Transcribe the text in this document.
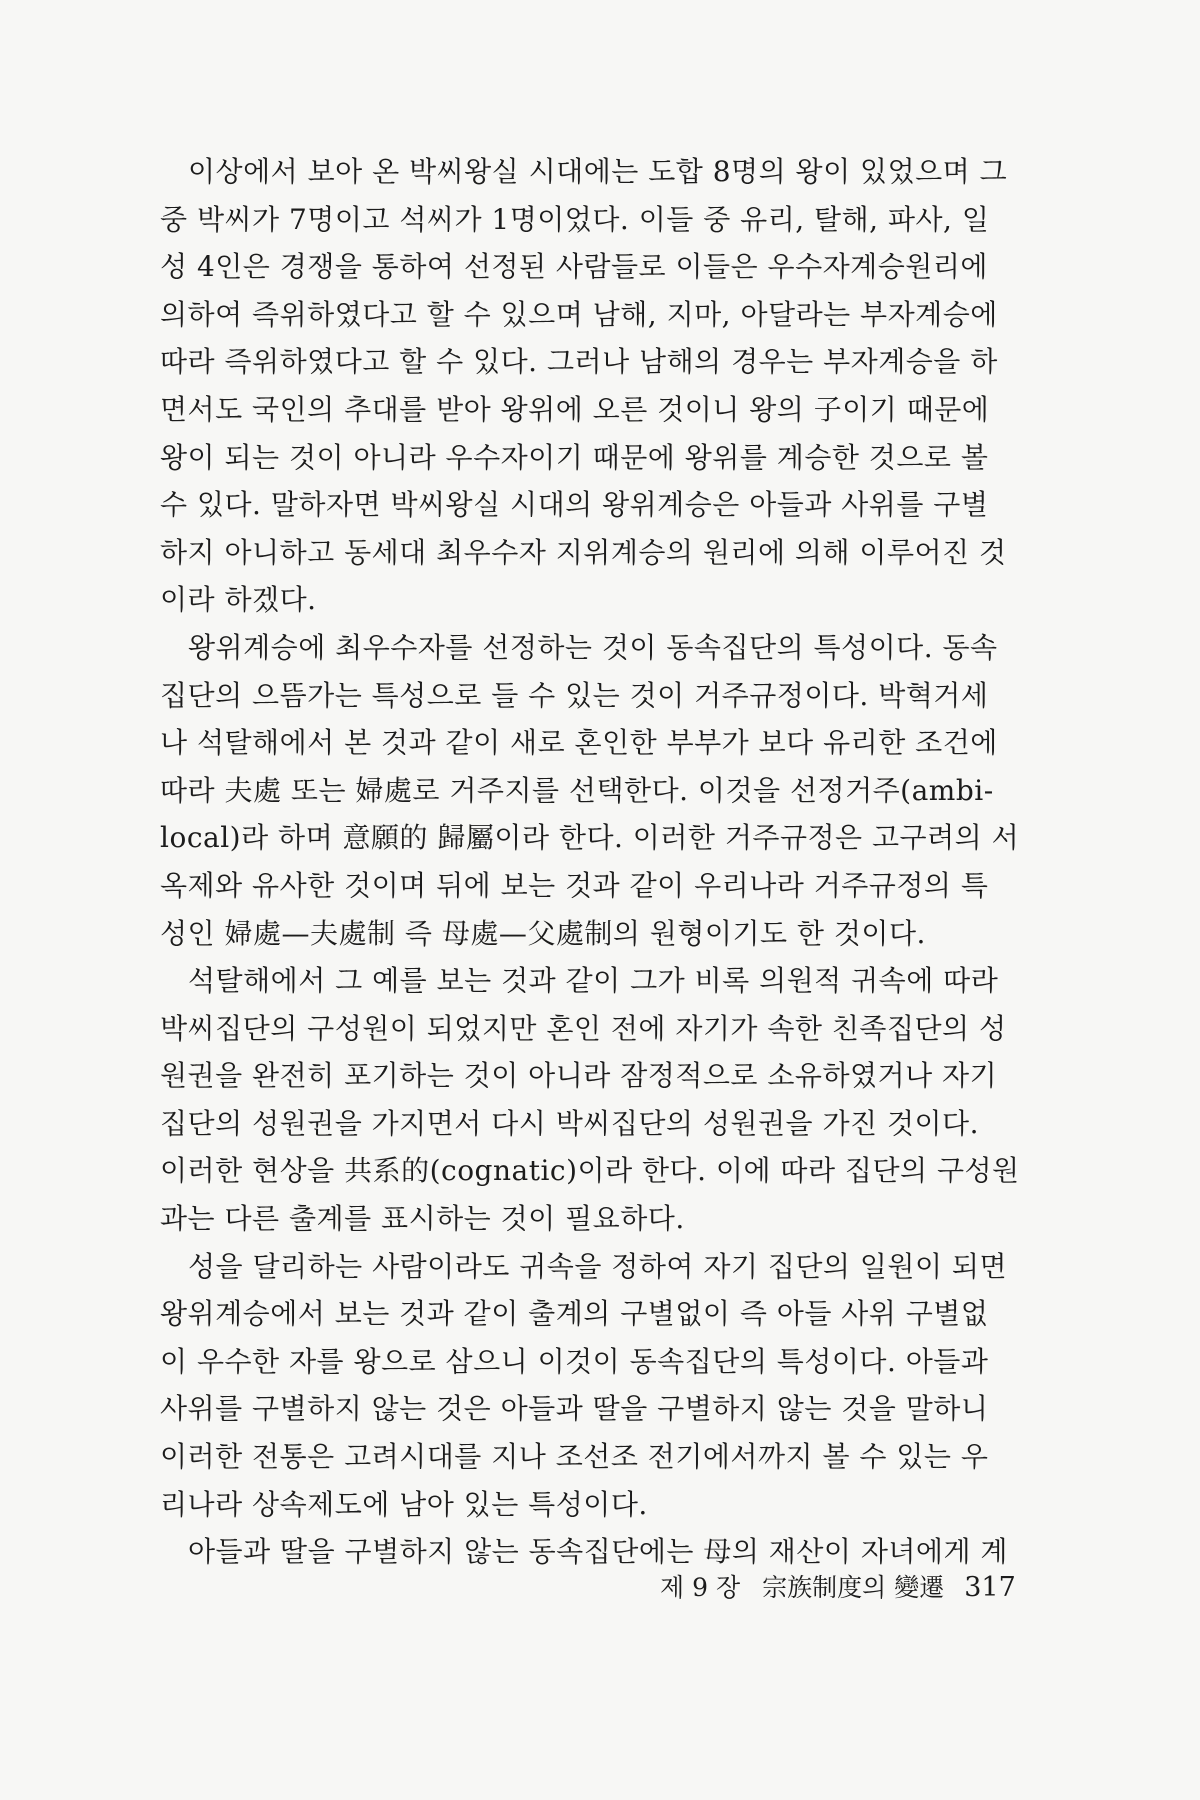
이상에서 보아 온 박씨왕실 시대에는 도합 8명의 왕이 있었으며 그
중 박씨가 7명이고 석씨가 1명이었다. 이들 중 유리, 탈해, 파사, 일
성 4인은 경쟁을 통하여 선정된 사람들로 이들은 우수자계승원리에
의하여 즉위하였다고 할 수 있으며 남해, 지마, 아달라는 부자계승에
따라 즉위하였다고 할 수 있다. 그러나 남해의 경우는 부자계승을 하
면서도 국인의 추대를 받아 왕위에 오른 것이니 왕의 子이기 때문에
왕이 되는 것이 아니라 우수자이기 때문에 왕위를 계승한 것으로 볼
수 있다. 말하자면 박씨왕실 시대의 왕위계승은 아들과 사위를 구별
하지 아니하고 동세대 최우수자 지위계승의 원리에 의해 이루어진 것
이라 하겠다.

왕위계승에 최우수자를 선정하는 것이 동속집단의 특성이다. 동속
집단의 으뜸가는 특성으로 들 수 있는 것이 거주규정이다. 박혁거세
나 석탈해에서 본 것과 같이 새로 혼인한 부부가 보다 유리한 조건에
따라 夫處 또는 婦處로 거주지를 선택한다. 이것을 선정거주(ambi-
local)라 하며 意願的 歸屬이라 한다. 이러한 거주규정은 고구려의 서
옥제와 유사한 것이며 뒤에 보는 것과 같이 우리나라 거주규정의 특
성인 婦處—夫處制 즉 母處—父處制의 원형이기도 한 것이다.

석탈해에서 그 예를 보는 것과 같이 그가 비록 의원적 귀속에 따라
박씨집단의 구성원이 되었지만 혼인 전에 자기가 속한 친족집단의 성
원권을 완전히 포기하는 것이 아니라 잠정적으로 소유하였거나 자기
집단의 성원권을 가지면서 다시 박씨집단의 성원권을 가진 것이다.
이러한 현상을 共系的(cognatic)이라 한다. 이에 따라 집단의 구성원
과는 다른 출계를 표시하는 것이 필요하다.

성을 달리하는 사람이라도 귀속을 정하여 자기 집단의 일원이 되면
왕위계승에서 보는 것과 같이 출계의 구별없이 즉 아들 사위 구별없
이 우수한 자를 왕으로 삼으니 이것이 동속집단의 특성이다. 아들과
사위를 구별하지 않는 것은 아들과 딸을 구별하지 않는 것을 말하니
이러한 전통은 고려시대를 지나 조선조 전기에서까지 볼 수 있는 우
리나라 상속제도에 남아 있는 특성이다.

아들과 딸을 구별하지 않는 동속집단에는 母의 재산이 자녀에게 계

제 9 장 宗族制度의 變遷 317
